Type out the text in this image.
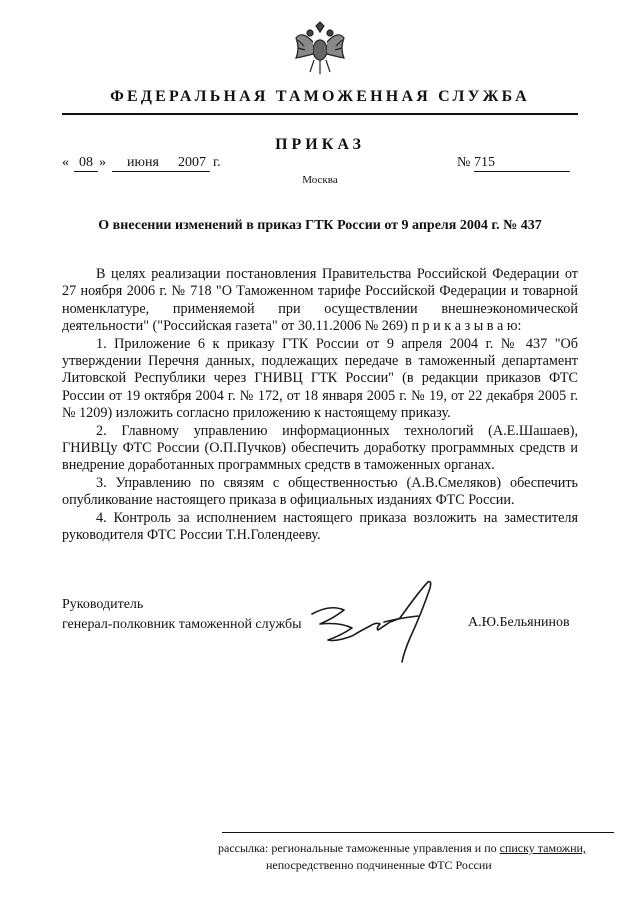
ФЕДЕРАЛЬНАЯ ТАМОЖЕННАЯ СЛУЖБА
ПРИКАЗ
« 08 »	июня	2007 г.	№ 715
Москва
О внесении изменений в приказ ГТК России от 9 апреля 2004 г. № 437

В целях реализации постановления Правительства Российской Федерации от 27 ноября 2006 г. № 718 "О Таможенном тарифе Российской Федерации и товарной номенклатуре, применяемой при осуществлении внешнеэкономической деятельности" ("Российская газета" от 30.11.2006 № 269) п р и к а з ы в а ю:

1. Приложение 6 к приказу ГТК России от 9 апреля 2004 г. № 437 "Об утверждении Перечня данных, подлежащих передаче в таможенный департамент Литовской Республики через ГНИВЦ ГТК России" (в редакции приказов ФТС России от 19 октября 2004 г. № 172, от 18 января 2005 г. № 19, от 22 декабря 2005 г. № 1209) изложить согласно приложению к настоящему приказу.

2. Главному управлению информационных технологий (А.Е.Шашаев), ГНИВЦу ФТС России (О.П.Пучков) обеспечить доработку программных средств и внедрение доработанных программных средств в таможенных органах.

3. Управлению по связям с общественностью (А.В.Смеляков) обеспечить опубликование настоящего приказа в официальных изданиях ФТС России.

4. Контроль за исполнением настоящего приказа возложить на заместителя руководителя ФТС России Т.Н.Голендееву.

Руководитель
генерал-полковник таможенной службы	А.Ю.Бельянинов
рассылка: региональные таможенные управления и по списку таможни,
непосредственно подчиненные ФТС России
